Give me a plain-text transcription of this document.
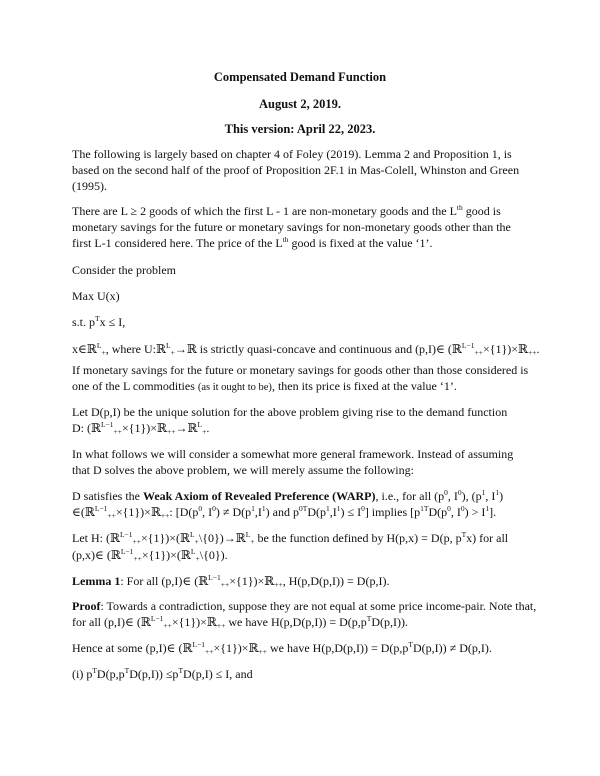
Compensated Demand Function
August 2, 2019.
This version: April 22, 2023.
The following is largely based on chapter 4 of Foley (2019). Lemma 2 and Proposition 1, is based on the second half of the proof of Proposition 2F.1 in Mas-Colell, Whinston and Green (1995).
There are L ≥ 2 goods of which the first L - 1 are non-monetary goods and the Lth good is monetary savings for the future or monetary savings for non-monetary goods other than the first L-1 considered here. The price of the Lth good is fixed at the value ‘1’.
Consider the problem
Max U(x)
s.t. $p^Tx \le I$,
x∈ℝ$^L_+$, where U:ℝ$^L_+$→ℝ is strictly quasi-concave and continuous and (p,I)∈ (ℝ$^{L-1}_{++}$×{1})×ℝ$_{++}$.
If monetary savings for the future or monetary savings for goods other than those considered is one of the L commodities (as it ought to be), then its price is fixed at the value ‘1’.
Let D(p,I) be the unique solution for the above problem giving rise to the demand function
D: (ℝ$^{L-1}_{++}$×{1})×ℝ$_{++}$→ℝ$^L_+$.
In what follows we will consider a somewhat more general framework. Instead of assuming that D solves the above problem, we will merely assume the following:
D satisfies the Weak Axiom of Revealed Preference (WARP), i.e., for all ($p^0$, $I^0$), ($p^1$, $I^1$)
∈(ℝ$^{L-1}_{++}$×{1})×ℝ$_{++}$: [$D(p^0$, $I^0) \ne D(p^1,I^1)$ and $p^{0T}D(p^1,I^1) \le I^0$] implies [$p^{1T}D(p^0$, $I^0) > I^1$].
Let H: (ℝ$^{L-1}_{++}$×{1})×(ℝ$^L_+$\{0})→ℝ$^L_+$ be the function defined by H(p,x) = D(p, $p^Tx$) for all
(p,x)∈ (ℝ$^{L-1}_{++}$×{1})×(ℝ$^L_+$\{0}).
Lemma 1: For all (p,I)∈ (ℝ$^{L-1}_{++}$×{1})×ℝ$_{++}$, H(p,D(p,I)) = D(p,I).
Proof: Towards a contradiction, suppose they are not equal at some price income-pair. Note that,
for all (p,I)∈ (ℝ$^{L-1}_{++}$×{1})×ℝ$_{++}$ we have $H(p,D(p,I)) = D(p,p^TD(p,I))$.
Hence at some (p,I)∈ (ℝ$^{L-1}_{++}$×{1})×ℝ$_{++}$ we have $H(p,D(p,I)) = D(p,p^TD(p,I)) \ne D(p,I)$.
(i) $p^TD(p,p^TD(p,I)) \le p^TD(p,I) \le I$, and
